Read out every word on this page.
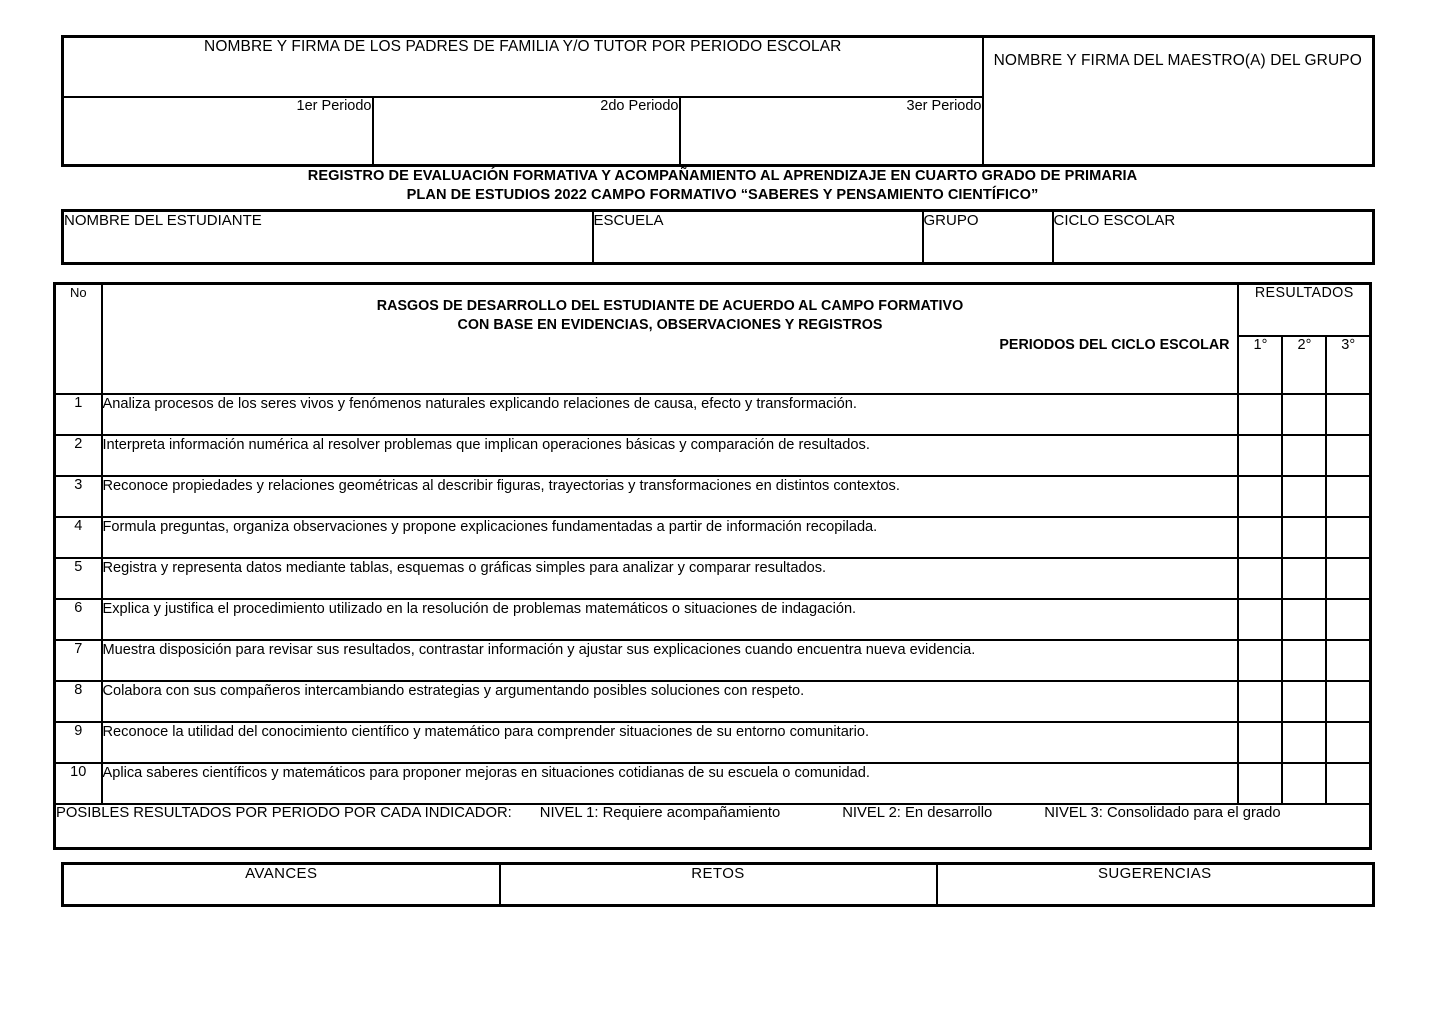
NOMBRE Y FIRMA DE LOS PADRES DE FAMILIA Y/O TUTOR POR PERIODO ESCOLAR			NOMBRE Y FIRMA DEL MAESTRO(A) DEL GRUPO
1er Periodo	2do Periodo	3er Periodo	
REGISTRO DE EVALUACIÓN FORMATIVA Y ACOMPAÑAMIENTO AL APRENDIZAJE EN CUARTO GRADO DE PRIMARIA
PLAN DE ESTUDIOS 2022 CAMPO FORMATIVO “SABERES Y PENSAMIENTO CIENTÍFICO”
NOMBRE DEL ESTUDIANTE	ESCUELA	GRUPO	CICLO ESCOLAR
No	RASGOS DE DESARROLLO DEL ESTUDIANTE DE ACUERDO AL CAMPO FORMATIVO
CON BASE EN EVIDENCIAS, OBSERVACIONES Y REGISTROS
PERIODOS DEL CICLO ESCOLAR	RESULTADOS		
		1°	2°	3°
1	Analiza procesos de los seres vivos y fenómenos naturales explicando relaciones de causa, efecto y transformación.			
2	Interpreta información numérica al resolver problemas que implican operaciones básicas y comparación de resultados.			
3	Reconoce propiedades y relaciones geométricas al describir figuras, trayectorias y transformaciones en distintos contextos.			
4	Formula preguntas, organiza observaciones y propone explicaciones fundamentadas a partir de información recopilada.			
5	Registra y representa datos mediante tablas, esquemas o gráficas simples para analizar y comparar resultados.			
6	Explica y justifica el procedimiento utilizado en la resolución de problemas matemáticos o situaciones de indagación.			
7	Muestra disposición para revisar sus resultados, contrastar información y ajustar sus explicaciones cuando encuentra nueva evidencia.			
8	Colabora con sus compañeros intercambiando estrategias y argumentando posibles soluciones con respeto.			
9	Reconoce la utilidad del conocimiento científico y matemático para comprender situaciones de su entorno comunitario.			
10	Aplica saberes científicos y matemáticos para proponer mejoras en situaciones cotidianas de su escuela o comunidad.			

POSIBLES RESULTADOS POR PERIODO POR CADA INDICADOR: NIVEL 1: Requiere acompañamiento NIVEL 2: En desarrollo NIVEL 3: Consolidado para el grado				
AVANCES	RETOS	SUGERENCIAS
